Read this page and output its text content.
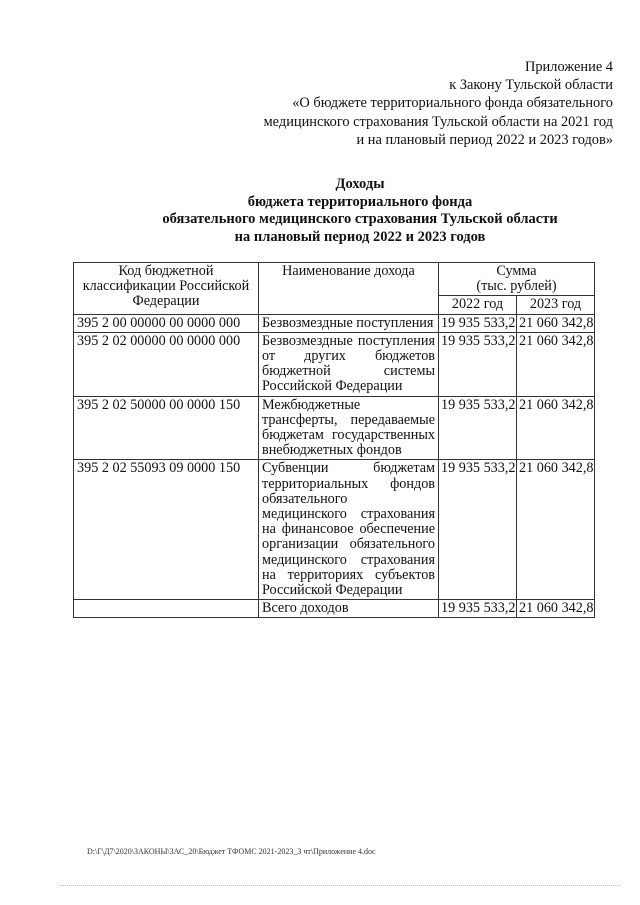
Приложение 4
к Закону Тульской области
«О бюджете территориального фонда обязательного
медицинского страхования Тульской области на 2021 год
и на плановый период 2022 и 2023 годов»
Доходы
бюджета территориального фонда
обязательного медицинского страхования Тульской области
на плановый период 2022 и 2023 годов
Код бюджетной классификации Российской Федерации	Наименование дохода	Сумма
(тыс. рублей)	

		2022 год	2023 год
395 2 00 00000 00 0000 000	Безвозмездные поступления	19 935 533,2	21 060 342,8
395 2 02 00000 00 0000 000	Безвозмездные поступления от других бюджетов бюджетной системы Российской Федерации	19 935 533,2	21 060 342,8
395 2 02 50000 00 0000 150	Межбюджетные трансферты, передаваемые бюджетам государственных внебюджетных фондов	19 935 533,2	21 060 342,8
395 2 02 55093 09 0000 150	Субвенции бюджетам территориальных фондов обязательного медицинского страхования на финансовое обеспечение организации обязательного медицинского страхования на территориях субъектов Российской Федерации	19 935 533,2	21 060 342,8
	Всего доходов	19 935 533,2	21 060 342,8
D:\Г\Д7\2020\ЗАКОНЫ\ЗАС_20\Бюджет ТФОМС 2021-2023_3 чт\Приложение 4.doc
